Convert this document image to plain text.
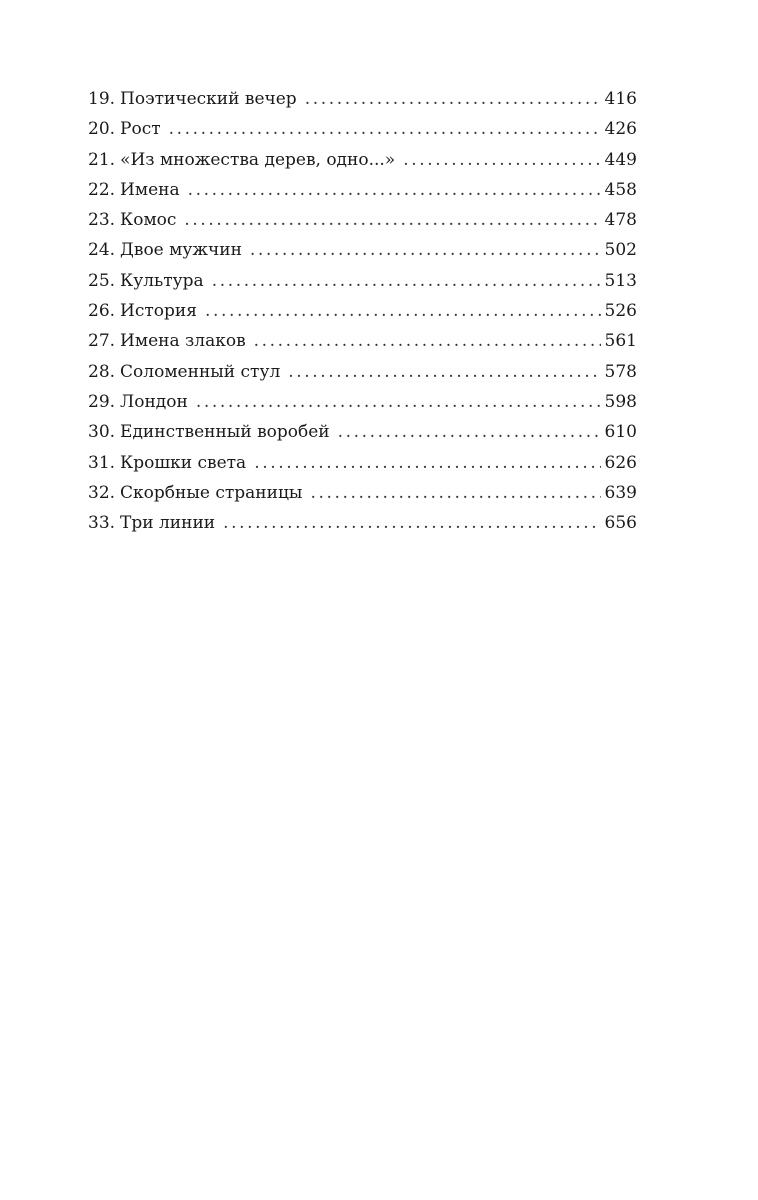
19. Поэтический вечер .....	416
20. Рост .....	426
21. «Из множества дерев, одно...» .....	449
22. Имена .....	458
23. Комос .....	478
24. Двое мужчин .....	502
25. Культура .....	513
26. История .....	526
27. Имена злаков .....	561
28. Соломенный стул .....	578
29. Лондон .....	598
30. Единственный воробей .....	610
31. Крошки света .....	626
32. Скорбные страницы .....	639
33. Три линии .....	656
